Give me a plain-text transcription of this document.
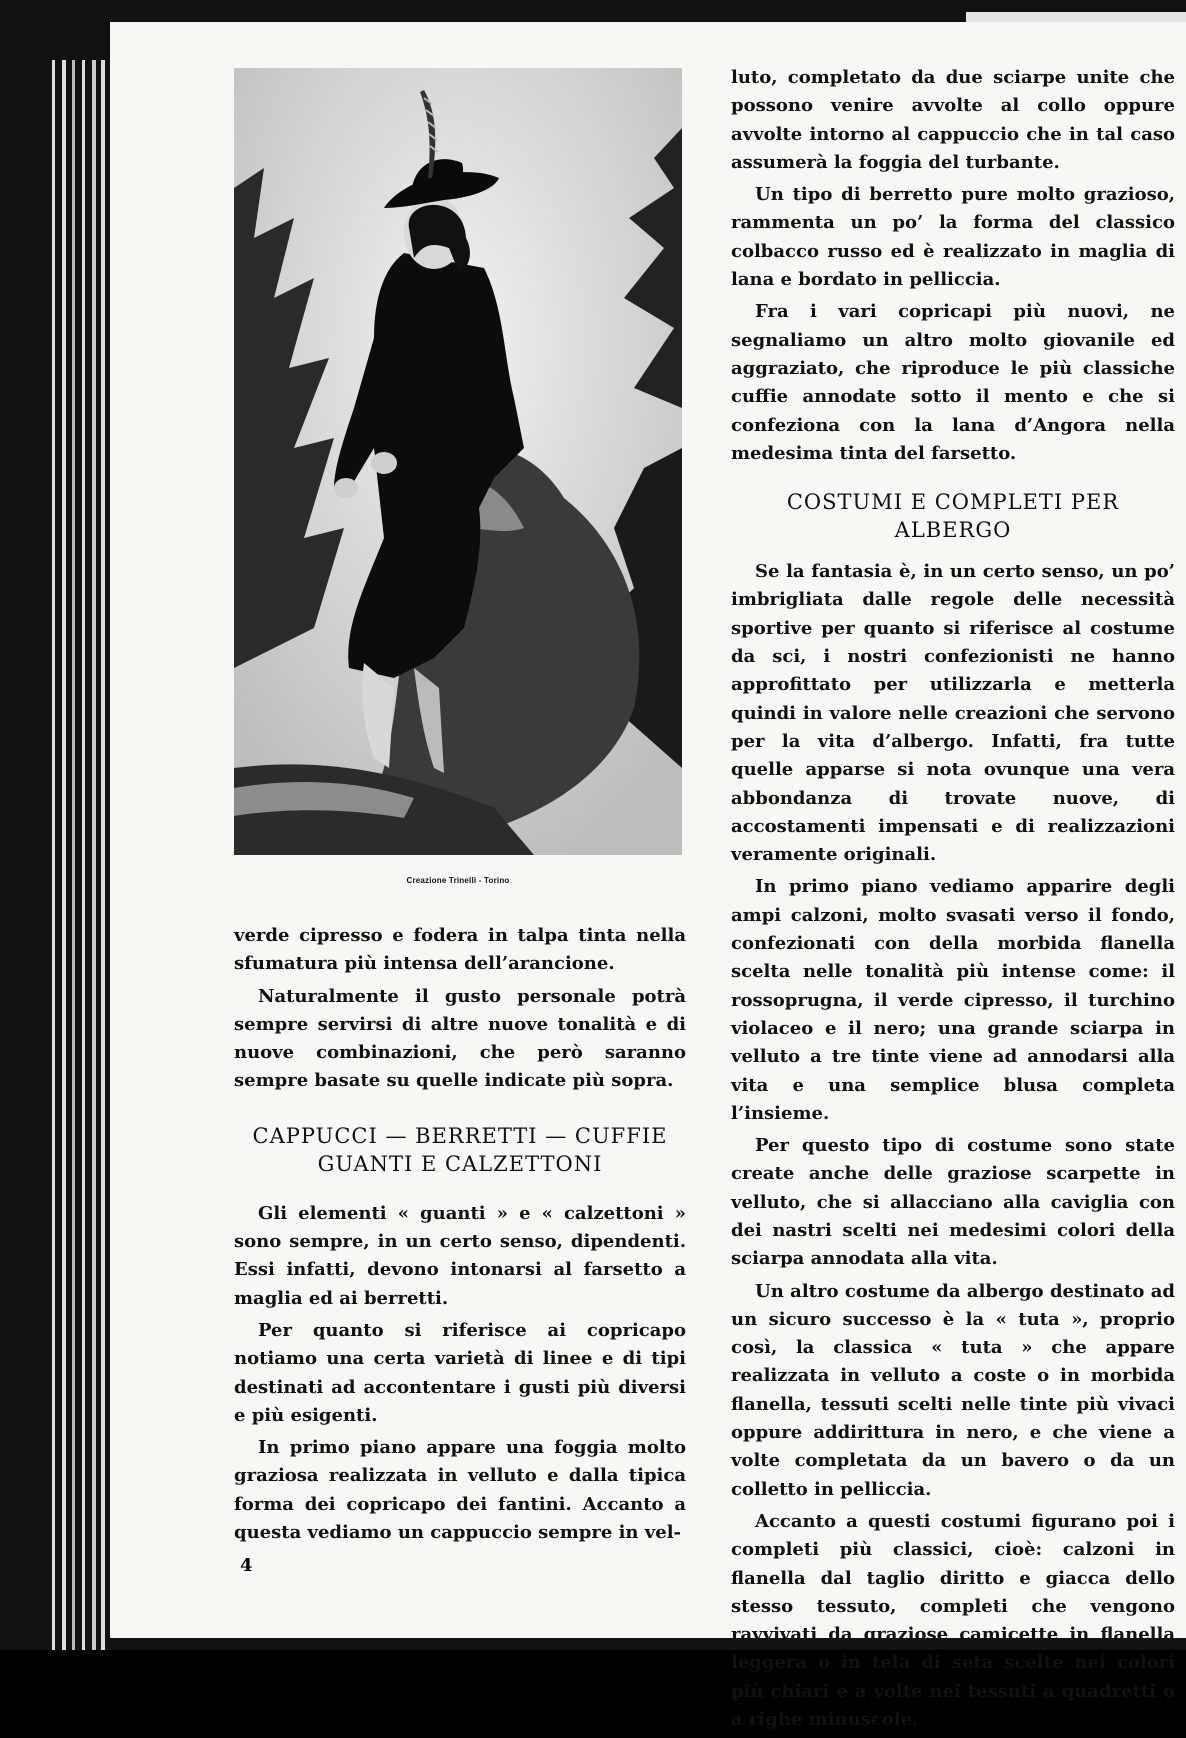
Creazione Trinelli - Torino

verde cipresso e fodera in talpa tinta nella sfumatura più intensa dell’arancione.

Naturalmente il gusto personale potrà sempre servirsi di altre nuove tonalità e di nuove combinazioni, che però saranno sempre basate su quelle indicate più sopra.

CAPPUCCI — BERRETTI — CUFFIE
GUANTI E CALZETTONI

Gli elementi « guanti » e « calzettoni » sono sempre, in un certo senso, dipendenti. Essi infatti, devono intonarsi al farsetto a maglia ed ai berretti.

Per quanto si riferisce ai copricapo notiamo una certa varietà di linee e di tipi destinati ad accontentare i gusti più diversi e più esigenti.

In primo piano appare una foggia molto graziosa realizzata in velluto e dalla tipica forma dei copricapo dei fantini. Accanto a questa vediamo un cappuccio sempre in vel-

luto, completato da due sciarpe unite che possono venire avvolte al collo oppure avvolte intorno al cappuccio che in tal caso assumerà la foggia del turbante.

Un tipo di berretto pure molto grazioso, rammenta un po’ la forma del classico colbacco russo ed è realizzato in maglia di lana e bordato in pelliccia.

Fra i vari copricapi più nuovi, ne segnaliamo un altro molto giovanile ed aggraziato, che riproduce le più classiche cuffie annodate sotto il mento e che si confeziona con la lana d’Angora nella medesima tinta del farsetto.

COSTUMI E COMPLETI PER ALBERGO

Se la fantasia è, in un certo senso, un po’ imbrigliata dalle regole delle necessità sportive per quanto si riferisce al costume da sci, i nostri confezionisti ne hanno approfittato per utilizzarla e metterla quindi in valore nelle creazioni che servono per la vita d’albergo. Infatti, fra tutte quelle apparse si nota ovunque una vera abbondanza di trovate nuove, di accostamenti impensati e di realizzazioni veramente originali.

In primo piano vediamo apparire degli ampi calzoni, molto svasati verso il fondo, confezionati con della morbida flanella scelta nelle tonalità più intense come: il rossoprugna, il verde cipresso, il turchino violaceo e il nero; una grande sciarpa in velluto a tre tinte viene ad annodarsi alla vita e una semplice blusa completa l’insieme.

Per questo tipo di costume sono state create anche delle graziose scarpette in velluto, che si allacciano alla caviglia con dei nastri scelti nei medesimi colori della sciarpa annodata alla vita.

Un altro costume da albergo destinato ad un sicuro successo è la « tuta », proprio così, la classica « tuta » che appare realizzata in velluto a coste o in morbida flanella, tessuti scelti nelle tinte più vivaci oppure addirittura in nero, e che viene a volte completata da un bavero o da un colletto in pelliccia.

Accanto a questi costumi figurano poi i completi più classici, cioè: calzoni in flanella dal taglio diritto e giacca dello stesso tessuto, completi che vengono ravvivati da graziose camicette in flanella leggera o in tela di seta scelte nei colori più chiari e a volte nei tessuti a quadretti o a righe minuscole.

4
